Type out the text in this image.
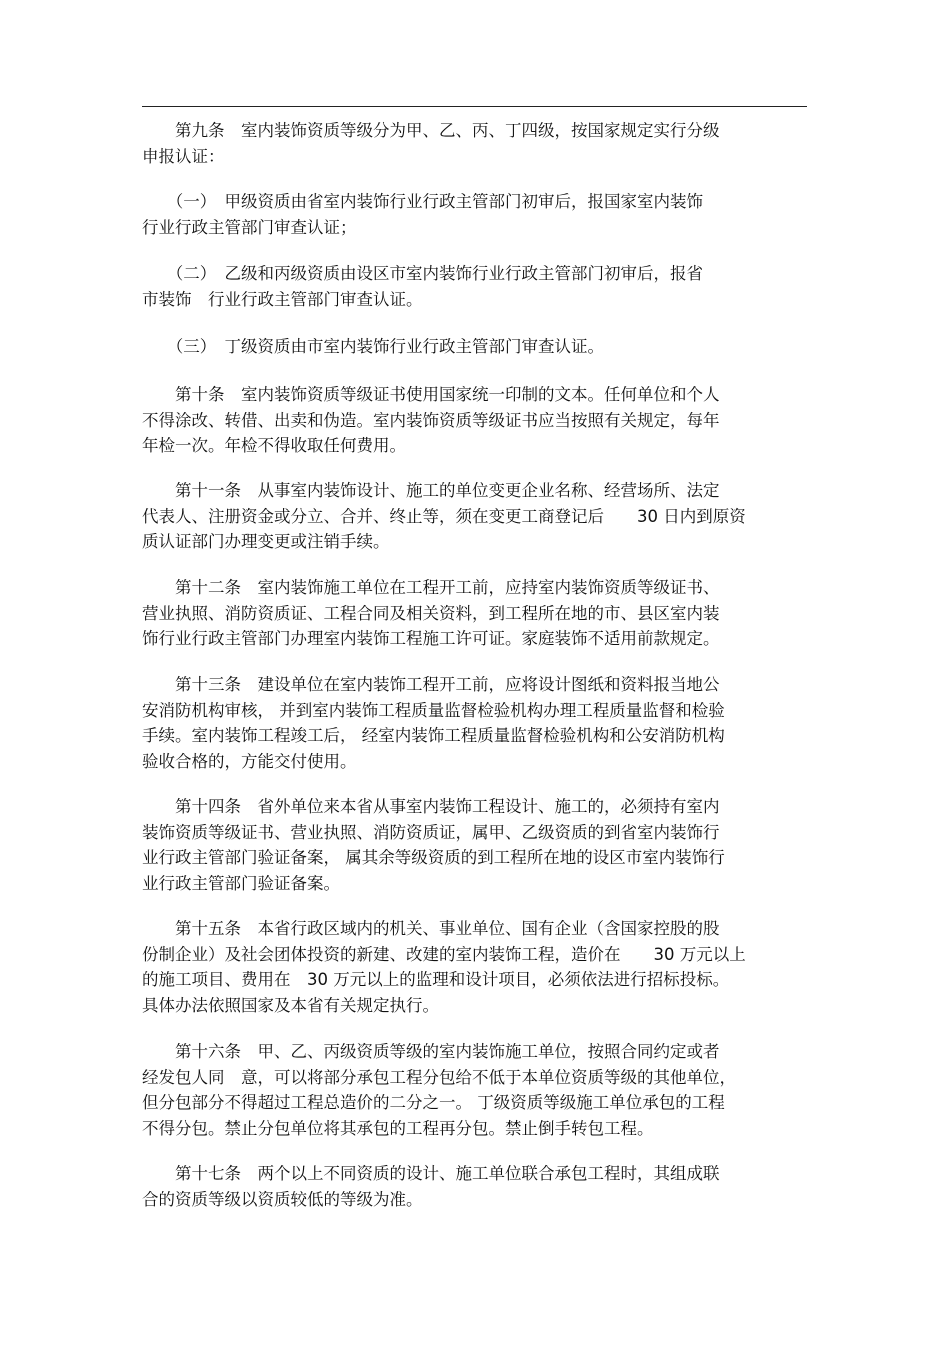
　　第九条　室内装饰资质等级分为甲、乙、丙、丁四级，按国家规定实行分级
申报认证：
　　（一）　甲级资质由省室内装饰行业行政主管部门初审后，报国家室内装饰
行业行政主管部门审查认证；
　　（二）　乙级和丙级资质由设区市室内装饰行业行政主管部门初审后，报省
市装饰　行业行政主管部门审查认证。
　　（三）　丁级资质由市室内装饰行业行政主管部门审查认证。
　　第十条　室内装饰资质等级证书使用国家统一印制的文本。任何单位和个人
不得涂改、转借、出卖和伪造。室内装饰资质等级证书应当按照有关规定，每年
年检一次。年检不得收取任何费用。
　　第十一条　从事室内装饰设计、施工的单位变更企业名称、经营场所、法定
代表人、注册资金或分立、合并、终止等，须在变更工商登记后　　30 日内到原资
质认证部门办理变更或注销手续。
　　第十二条　室内装饰施工单位在工程开工前，应持室内装饰资质等级证书、
营业执照、消防资质证、工程合同及相关资料，到工程所在地的市、县区室内装
饰行业行政主管部门办理室内装饰工程施工许可证。家庭装饰不适用前款规定。
　　第十三条　建设单位在室内装饰工程开工前，应将设计图纸和资料报当地公
安消防机构审核， 并到室内装饰工程质量监督检验机构办理工程质量监督和检验
手续。室内装饰工程竣工后， 经室内装饰工程质量监督检验机构和公安消防机构
验收合格的，方能交付使用。
　　第十四条　省外单位来本省从事室内装饰工程设计、施工的，必须持有室内
装饰资质等级证书、营业执照、消防资质证，属甲、乙级资质的到省室内装饰行
业行政主管部门验证备案， 属其余等级资质的到工程所在地的设区市室内装饰行
业行政主管部门验证备案。
　　第十五条　本省行政区域内的机关、事业单位、国有企业（含国家控股的股
份制企业）及社会团体投资的新建、改建的室内装饰工程，造价在　　30 万元以上
的施工项目、费用在　30 万元以上的监理和设计项目，必须依法进行招标投标。
具体办法依照国家及本省有关规定执行。
　　第十六条　甲、乙、丙级资质等级的室内装饰施工单位，按照合同约定或者
经发包人同　意，可以将部分承包工程分包给不低于本单位资质等级的其他单位，
但分包部分不得超过工程总造价的二分之一。 丁级资质等级施工单位承包的工程
不得分包。禁止分包单位将其承包的工程再分包。禁止倒手转包工程。
　　第十七条　两个以上不同资质的设计、施工单位联合承包工程时，其组成联
合的资质等级以资质较低的等级为准。
